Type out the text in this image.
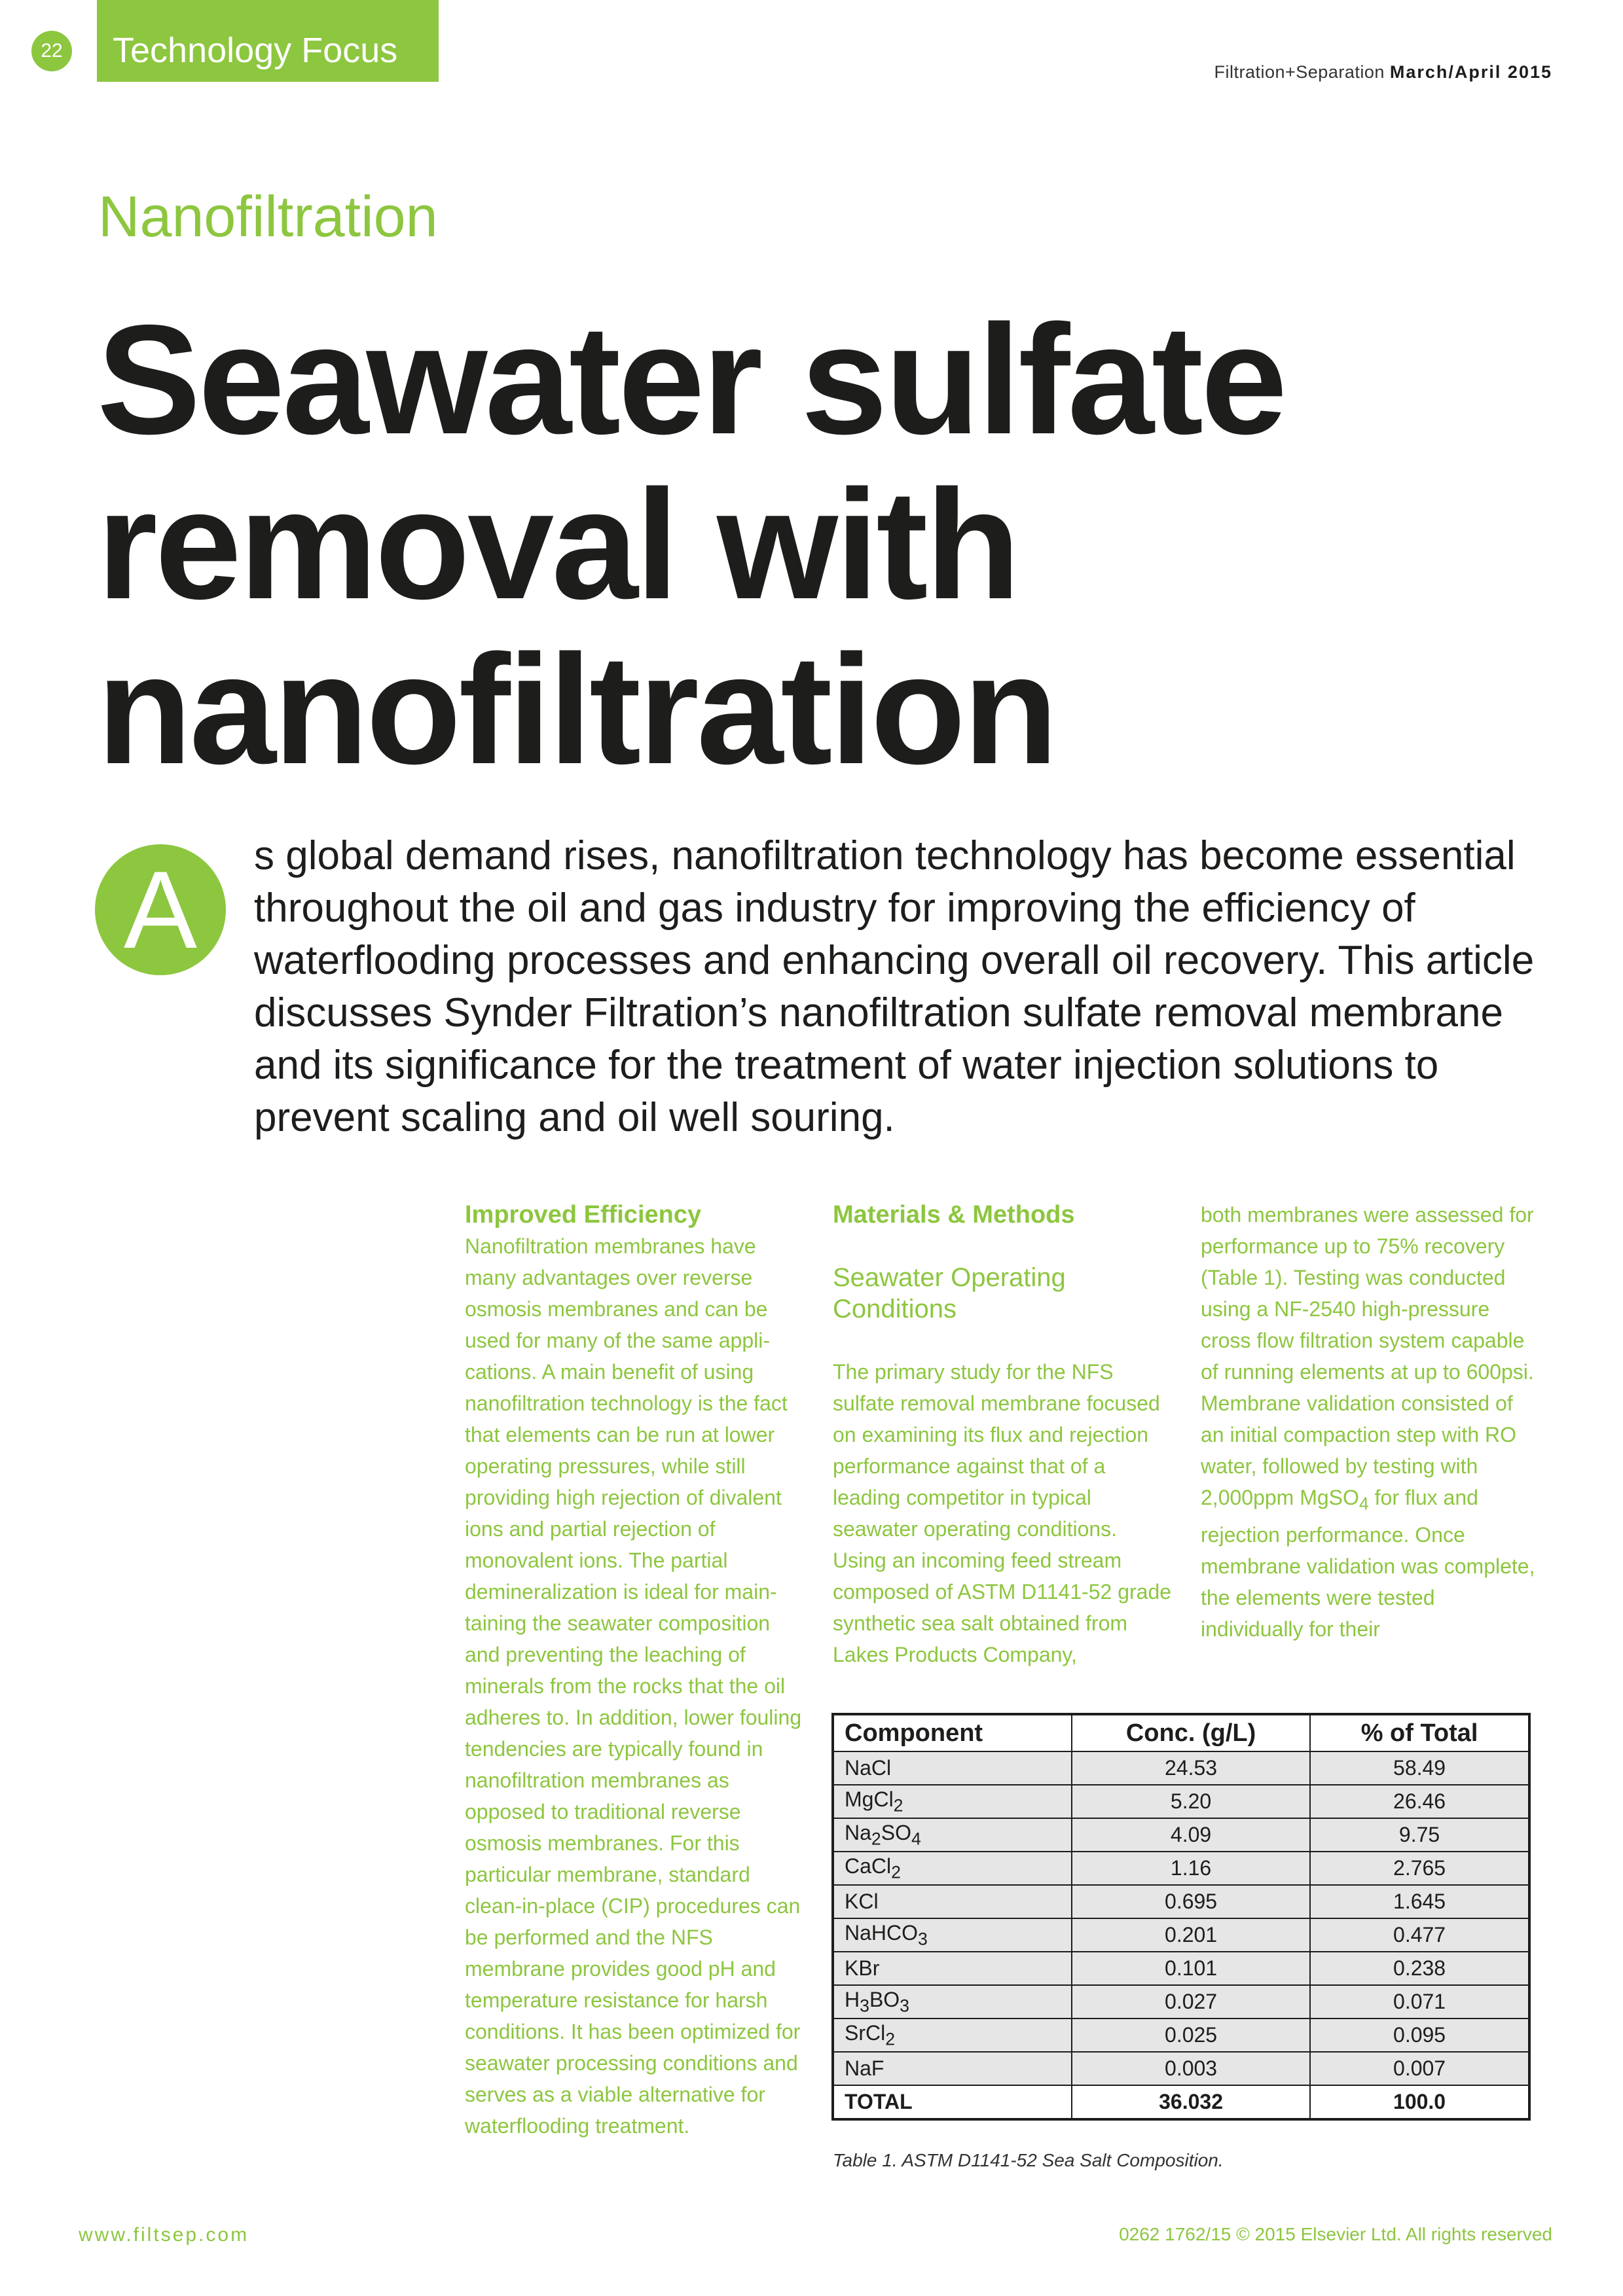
22	Technology Focus
Filtration+Separation March/April 2015
Nanofiltration
Seawater sulfate removal with nanofiltration
A	s global demand rises, nanofiltration technology has become essential throughout the oil and gas industry for improving the efficiency of waterflooding processes and enhancing overall oil recovery. This article discusses Synder Filtration’s nanofiltration sulfate removal membrane and its significance for the treatment of water injection solutions to prevent scaling and oil well souring.

Improved Efficiency

Nanofiltration membranes have many advantages over reverse osmosis membranes and can be used for many of the same applications. A main benefit of using nanofiltration technology is the fact that elements can be run at lower operating pressures, while still providing high rejection of divalent ions and partial rejection of monovalent ions. The partial demineralization is ideal for maintaining the seawater composition and preventing the leaching of minerals from the rocks that the oil adheres to. In addition, lower fouling tendencies are typically found in nanofiltration membranes as opposed to traditional reverse osmosis membranes. For this particular membrane, standard clean-in-place (CIP) procedures can be performed and the NFS membrane provides good pH and temperature resistance for harsh conditions. It has been optimized for seawater processing conditions and serves as a viable alternative for waterflooding treatment.

Materials & Methods
Seawater Operating Conditions

The primary study for the NFS sulfate removal membrane focused on examining its flux and rejection performance against that of a leading competitor in typical seawater operating conditions. Using an incoming feed stream composed of ASTM D1141-52 grade synthetic sea salt obtained from Lakes Products Company,

both membranes were assessed for performance up to 75% recovery (Table 1). Testing was conducted using a NF-2540 high-pressure cross flow filtration system capable of running elements at up to 600psi. Membrane validation consisted of an initial compaction step with RO water, followed by testing with 2,000ppm MgSO$_4$ for flux and rejection performance. Once membrane validation was complete, the elements were tested individually for their

Component	Conc. (g/L)	% of Total
NaCl	24.53	58.49
MgCl$_2$	5.20	26.46
$Na_2SO_4$	4.09	9.75
CaCl$_2$	1.16	2.765
KCl	0.695	1.645
NaHCO$_3$	0.201	0.477
KBr	0.101	0.238
$H_3BO_3$	0.027	0.071
SrCl$_2$	0.025	0.095
NaF	0.003	0.007
TOTAL	36.032	100.0
Table 1. ASTM D1141-52 Sea Salt Composition.
www.filtsep.com	0262 1762/15 © 2015 Elsevier Ltd. All rights reserved
